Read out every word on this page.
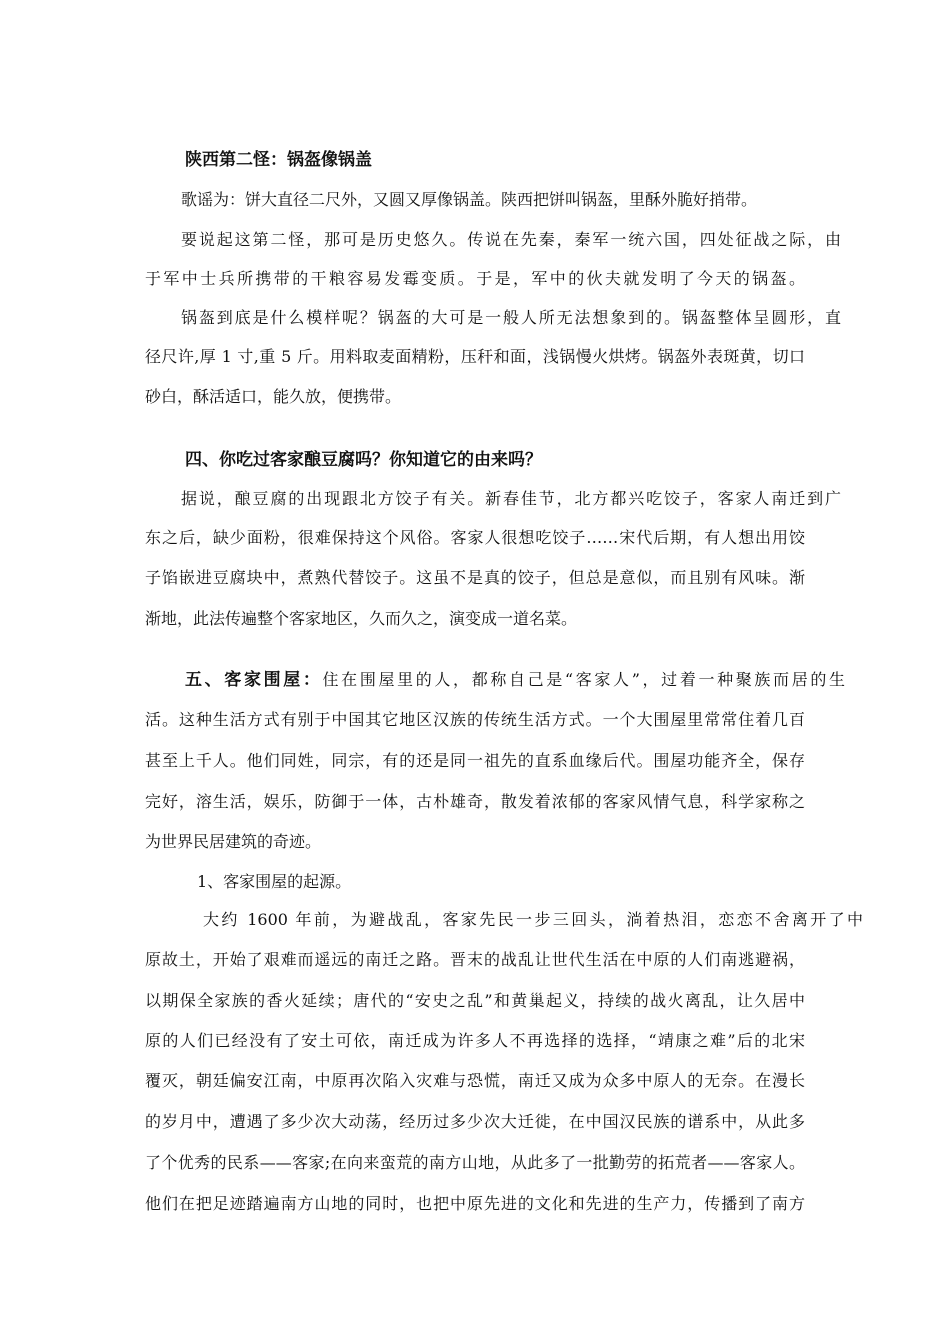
陕西第二怪：锅盔像锅盖
歌谣为：饼大直径二尺外，又圆又厚像锅盖。陕西把饼叫锅盔，里酥外脆好捎带。
要说起这第二怪，那可是历史悠久。传说在先秦，秦军一统六国，四处征战之际，由
于军中士兵所携带的干粮容易发霉变质。于是，军中的伙夫就发明了今天的锅盔。
锅盔到底是什么模样呢？锅盔的大可是一般人所无法想象到的。锅盔整体呈圆形，直
径尺许,厚 1 寸,重 5 斤。用料取麦面精粉，压秆和面，浅锅慢火烘烤。锅盔外表斑黄，切口
砂白，酥活适口，能久放，便携带。
四、你吃过客家酿豆腐吗？你知道它的由来吗？
据说，酿豆腐的出现跟北方饺子有关。新春佳节，北方都兴吃饺子，客家人南迁到广
东之后，缺少面粉，很难保持这个风俗。客家人很想吃饺子……宋代后期，有人想出用饺
子馅嵌进豆腐块中，煮熟代替饺子。这虽不是真的饺子，但总是意似，而且别有风味。渐
渐地，此法传遍整个客家地区，久而久之，演变成一道名菜。
五、客家围屋：住在围屋里的人，都称自己是“客家人”，过着一种聚族而居的生
活。这种生活方式有别于中国其它地区汉族的传统生活方式。一个大围屋里常常住着几百
甚至上千人。他们同姓，同宗，有的还是同一祖先的直系血缘后代。围屋功能齐全，保存
完好，溶生活，娱乐，防御于一体，古朴雄奇，散发着浓郁的客家风情气息，科学家称之
为世界民居建筑的奇迹。
1、客家围屋的起源。
大约 1600 年前，为避战乱，客家先民一步三回头，淌着热泪，恋恋不舍离开了中
原故土，开始了艰难而遥远的南迁之路。晋末的战乱让世代生活在中原的人们南逃避祸，
以期保全家族的香火延续；唐代的“安史之乱”和黄巢起义，持续的战火离乱，让久居中
原的人们已经没有了安土可依，南迁成为许多人不再选择的选择，“靖康之难”后的北宋
覆灭，朝廷偏安江南，中原再次陷入灾难与恐慌，南迁又成为众多中原人的无奈。在漫长
的岁月中，遭遇了多少次大动荡，经历过多少次大迁徙，在中国汉民族的谱系中，从此多
了个优秀的民系——客家;在向来蛮荒的南方山地，从此多了一批勤劳的拓荒者——客家人。
他们在把足迹踏遍南方山地的同时，也把中原先进的文化和先进的生产力，传播到了南方
